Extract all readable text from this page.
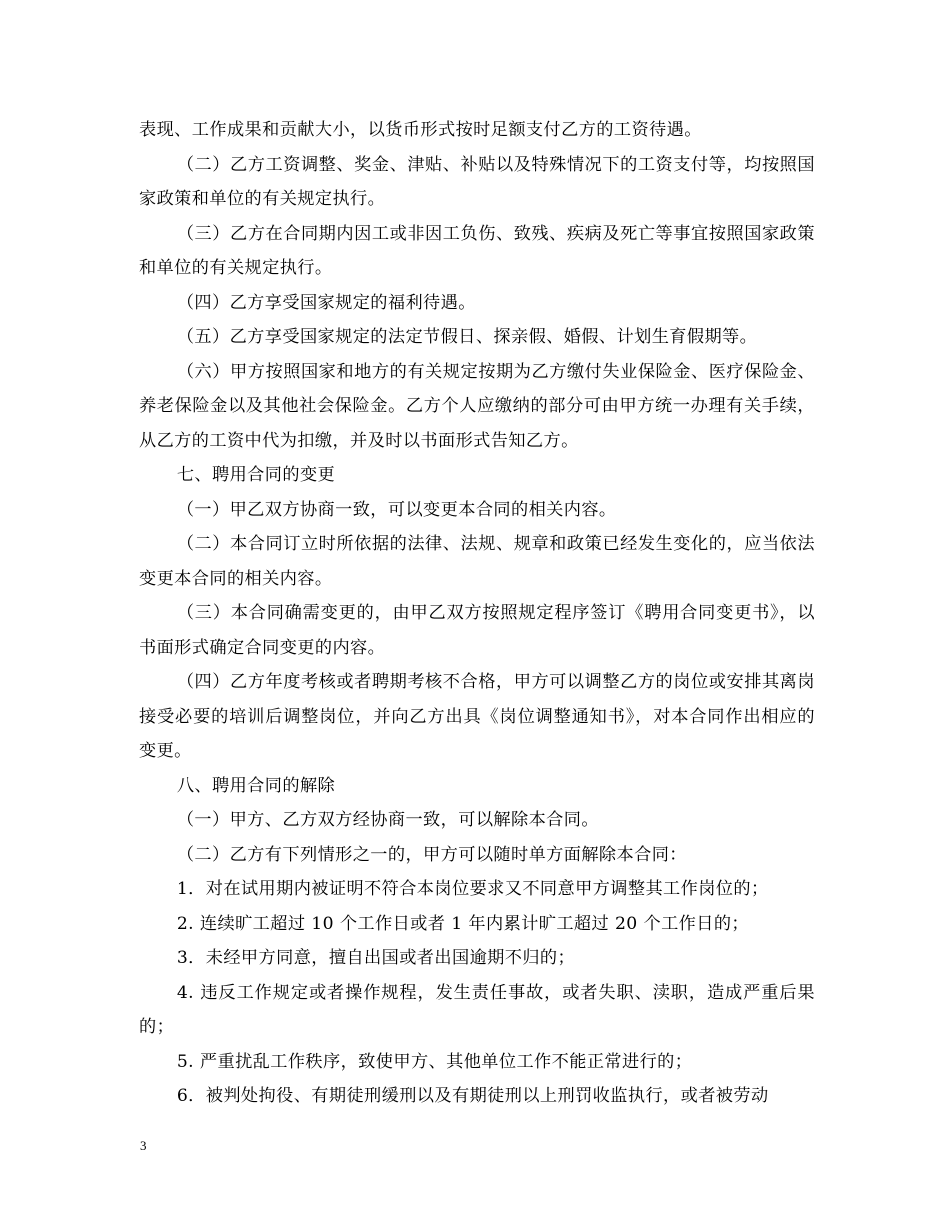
表现、工作成果和贡献大小，以货币形式按时足额支付乙方的工资待遇。

（二）乙方工资调整、奖金、津贴、补贴以及特殊情况下的工资支付等，均按照国家政策和单位的有关规定执行。

（三）乙方在合同期内因工或非因工负伤、致残、疾病及死亡等事宜按照国家政策和单位的有关规定执行。

（四）乙方享受国家规定的福利待遇。

（五）乙方享受国家规定的法定节假日、探亲假、婚假、计划生育假期等。

（六）甲方按照国家和地方的有关规定按期为乙方缴付失业保险金、医疗保险金、养老保险金以及其他社会保险金。乙方个人应缴纳的部分可由甲方统一办理有关手续，从乙方的工资中代为扣缴，并及时以书面形式告知乙方。

七、聘用合同的变更

（一）甲乙双方协商一致，可以变更本合同的相关内容。

（二）本合同订立时所依据的法律、法规、规章和政策已经发生变化的，应当依法变更本合同的相关内容。

（三）本合同确需变更的，由甲乙双方按照规定程序签订《聘用合同变更书》，以书面形式确定合同变更的内容。

（四）乙方年度考核或者聘期考核不合格，甲方可以调整乙方的岗位或安排其离岗接受必要的培训后调整岗位，并向乙方出具《岗位调整通知书》，对本合同作出相应的变更。

八、聘用合同的解除

（一）甲方、乙方双方经协商一致，可以解除本合同。

（二）乙方有下列情形之一的，甲方可以随时单方面解除本合同：

1．对在试用期内被证明不符合本岗位要求又不同意甲方调整其工作岗位的；

2. 连续旷工超过 10 个工作日或者 1 年内累计旷工超过 20 个工作日的；

3．未经甲方同意，擅自出国或者出国逾期不归的；

4. 违反工作规定或者操作规程，发生责任事故，或者失职、渎职，造成严重后果的；

5. 严重扰乱工作秩序，致使甲方、其他单位工作不能正常进行的；

6．被判处拘役、有期徒刑缓刑以及有期徒刑以上刑罚收监执行，或者被劳动

3
